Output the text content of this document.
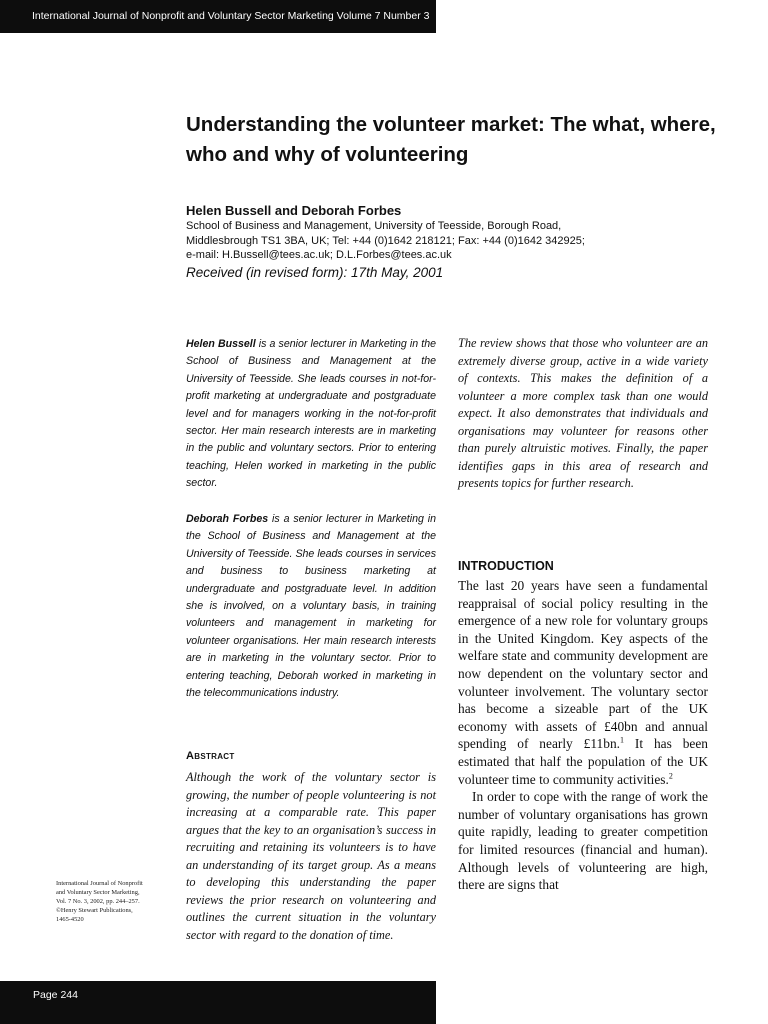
International Journal of Nonprofit and Voluntary Sector Marketing Volume 7 Number 3
Understanding the volunteer market: The what, where, who and why of volunteering
Helen Bussell and Deborah Forbes
School of Business and Management, University of Teesside, Borough Road,
Middlesbrough TS1 3BA, UK; Tel: +44 (0)1642 218121; Fax: +44 (0)1642 342925;
e-mail: H.Bussell@tees.ac.uk; D.L.Forbes@tees.ac.uk
Received (in revised form): 17th May, 2001
Helen Bussell is a senior lecturer in Marketing in the School of Business and Management at the University of Teesside. She leads courses in not-for-profit marketing at undergraduate and postgraduate level and for managers working in the not-for-profit sector. Her main research interests are in marketing in the public and voluntary sectors. Prior to entering teaching, Helen worked in marketing in the public sector.
Deborah Forbes is a senior lecturer in Marketing in the School of Business and Management at the University of Teesside. She leads courses in services and business to business marketing at undergraduate and postgraduate level. In addition she is involved, on a voluntary basis, in training volunteers and management in marketing for volunteer organisations. Her main research interests are in marketing in the voluntary sector. Prior to entering teaching, Deborah worked in marketing in the telecommunications industry.
Abstract
Although the work of the voluntary sector is growing, the number of people volunteering is not increasing at a comparable rate. This paper argues that the key to an organisation’s success in recruiting and retaining its volunteers is to have an understanding of its target group. As a means to developing this understanding the paper reviews the prior research on volunteering and outlines the current situation in the voluntary sector with regard to the donation of time.
The review shows that those who volunteer are an extremely diverse group, active in a wide variety of contexts. This makes the definition of a volunteer a more complex task than one would expect. It also demonstrates that individuals and organisations may volunteer for reasons other than purely altruistic motives. Finally, the paper identifies gaps in this area of research and presents topics for further research.
INTRODUCTION

The last 20 years have seen a fundamental reappraisal of social policy resulting in the emergence of a new role for voluntary groups in the United Kingdom. Key aspects of the welfare state and community development are now dependent on the voluntary sector and volunteer involvement. The voluntary sector has become a sizeable part of the UK economy with assets of £40bn and annual spending of nearly £11bn.$^1$ It has been estimated that half the population of the UK volunteer time to community activities.$^2$

In order to cope with the range of work the number of voluntary organisations has grown quite rapidly, leading to greater competition for limited resources (financial and human). Although levels of volunteering are high, there are signs that

International Journal of Nonprofit
and Voluntary Sector Marketing,
Vol. 7 No. 3, 2002, pp. 244–257.
©Henry Stewart Publications,
1465-4520
Page 244
